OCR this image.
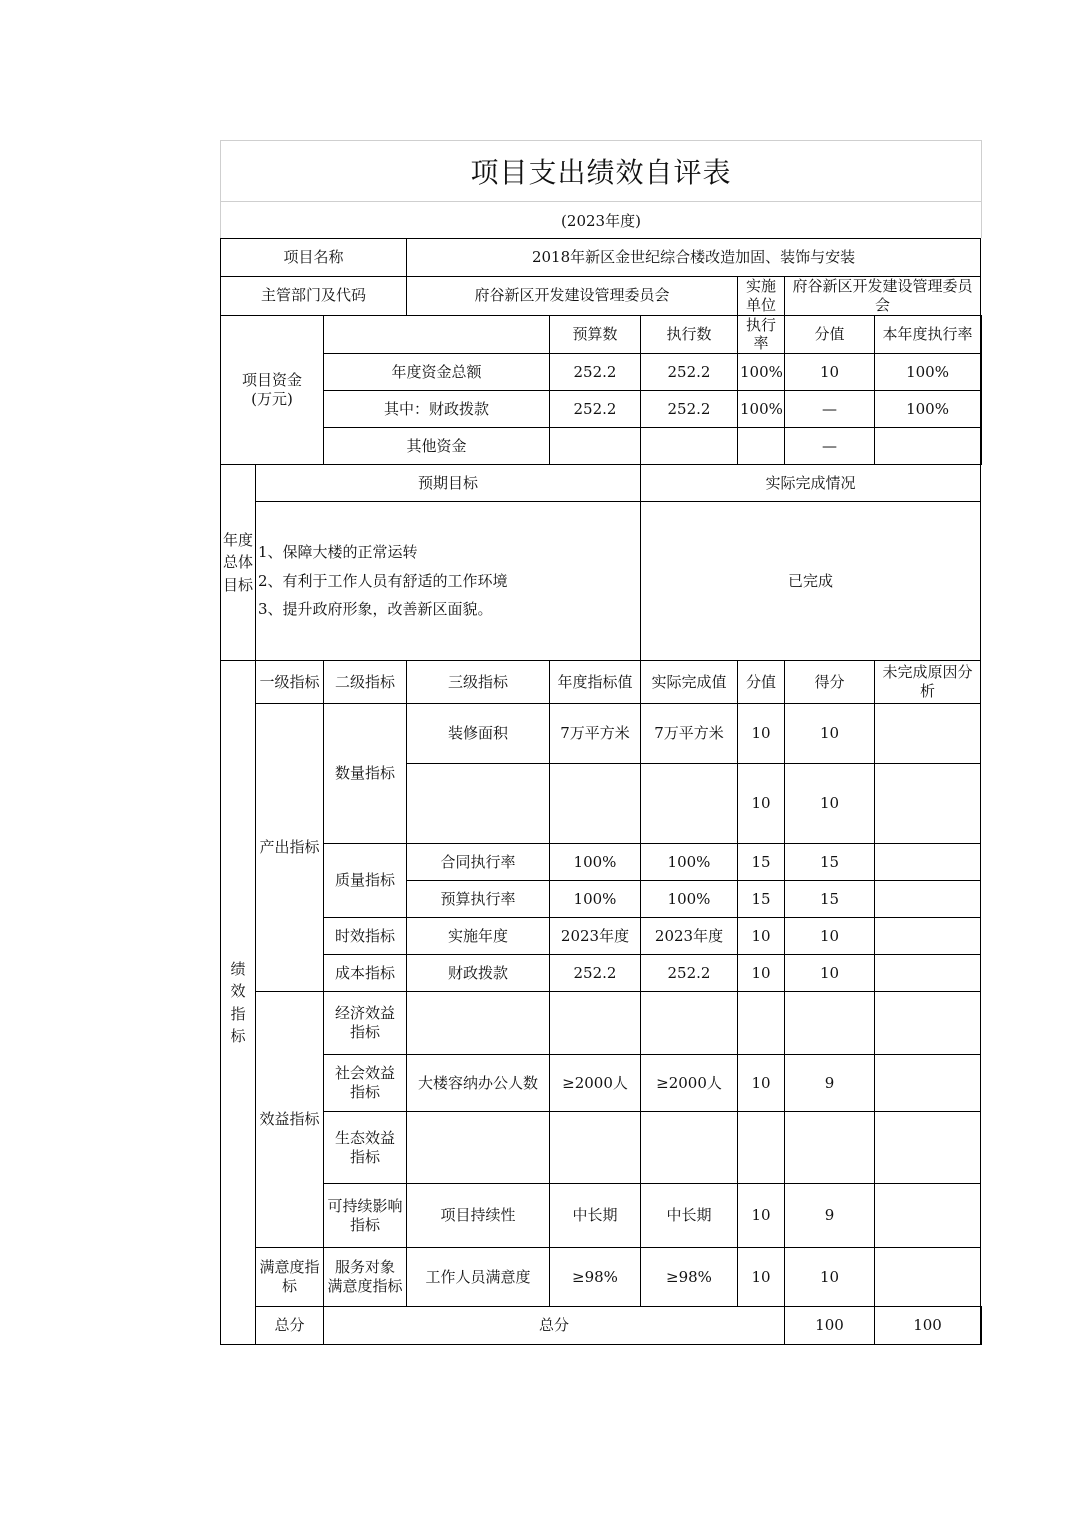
项目支出绩效自评表
(2023年度)
项目名称			2018年新区金世纪综合楼改造加固、装饰与安装						
主管部门及代码			府谷新区开发建设管理委员会			实施单位	府谷新区开发建设管理委员会		

项目资金
(万元)				预算数	执行数	执行率	分值	本年度执行率	
		年度资金总额		252.2	252.2	100%	10	100%	
		其中：财政拨款		252.2	252.2	100%	—	100%	
		其他资金					—		
年度
总体
目标	预期目标				实际完成情况				

	1、保障大楼的正常运转
2、有利于工作人员有舒适的工作环境
3、提升政府形象，改善新区面貌。				已完成				
绩
效
指
标	一级指标	二级指标	三级指标	年度指标值	实际完成值	分值	得分	未完成原因分析	
	产出指标	数量指标	装修面积	7万平方米	7万平方米	10	10		
						10	10		
		质量指标	合同执行率	100%	100%	15	15		
			预算执行率	100%	100%	15	15		
		时效指标	实施年度	2023年度	2023年度	10	10		
		成本指标	财政拨款	252.2	252.2	10	10		
	效益指标	经济效益
指标							
		社会效益
指标	大楼容纳办公人数	≥2000人	≥2000人	10	9		
		生态效益
指标							
		可持续影响
指标	项目持续性	中长期	中长期	10	9		
	满意度指标	服务对象
满意度指标	工作人员满意度	≥98%	≥98%	10	10		
	总分	总分					100	100	
